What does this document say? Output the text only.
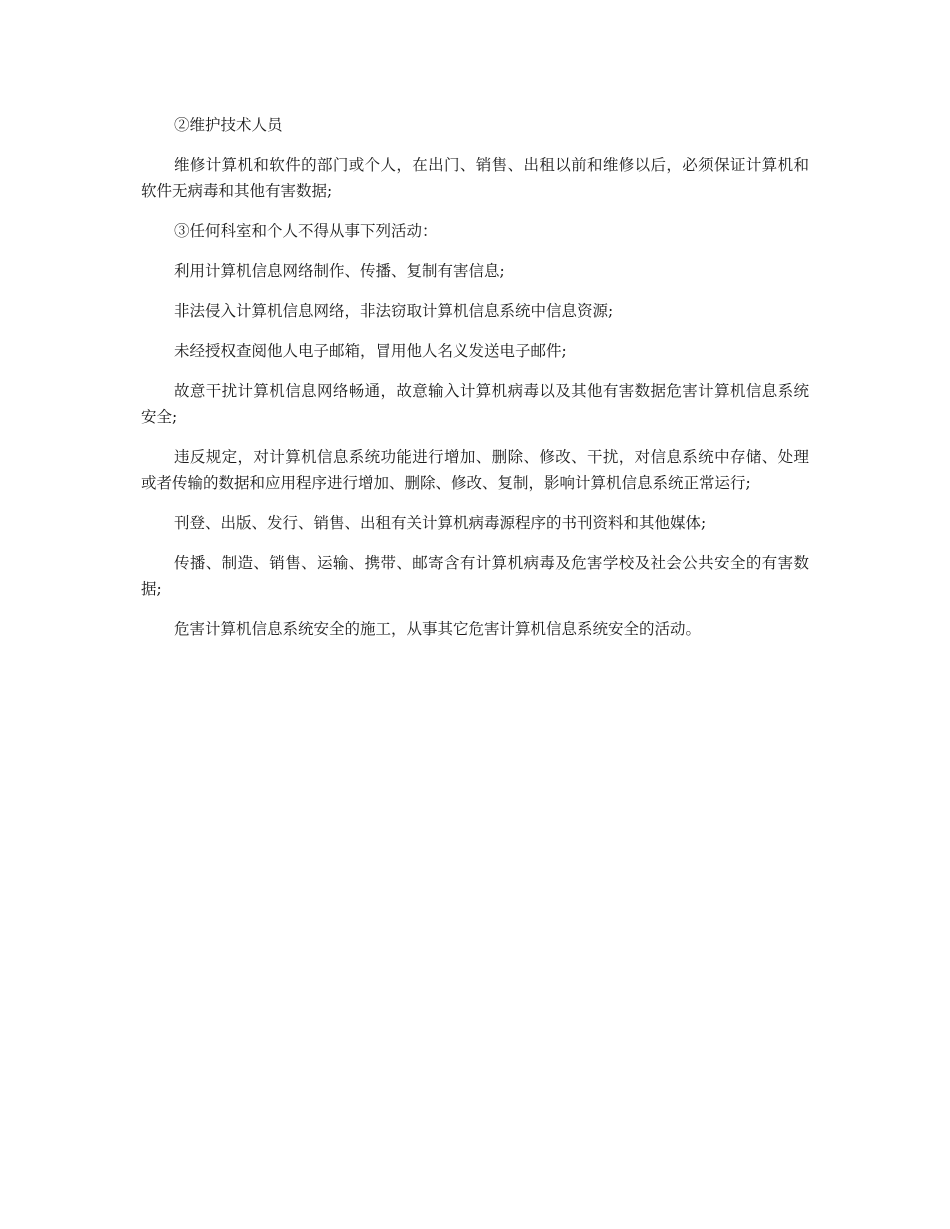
②维护技术人员

维修计算机和软件的部门或个人，在出门、销售、出租以前和维修以后，必须保证计算机和软件无病毒和其他有害数据;

③任何科室和个人不得从事下列活动：

利用计算机信息网络制作、传播、复制有害信息;

非法侵入计算机信息网络，非法窃取计算机信息系统中信息资源;

未经授权查阅他人电子邮箱，冒用他人名义发送电子邮件;

故意干扰计算机信息网络畅通，故意输入计算机病毒以及其他有害数据危害计算机信息系统安全;

违反规定，对计算机信息系统功能进行增加、删除、修改、干扰，对信息系统中存储、处理或者传输的数据和应用程序进行增加、删除、修改、复制，影响计算机信息系统正常运行;

刊登、出版、发行、销售、出租有关计算机病毒源程序的书刊资料和其他媒体;

传播、制造、销售、运输、携带、邮寄含有计算机病毒及危害学校及社会公共安全的有害数据;

危害计算机信息系统安全的施工，从事其它危害计算机信息系统安全的活动。
